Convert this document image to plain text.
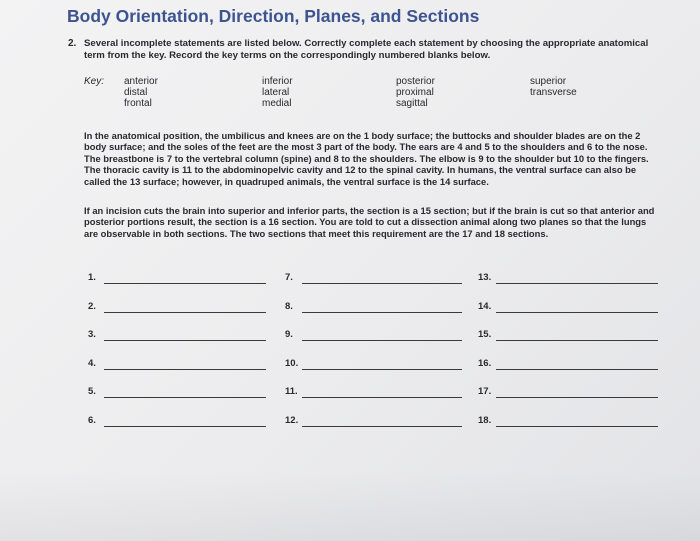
Body Orientation, Direction, Planes, and Sections
2. Several incomplete statements are listed below. Correctly complete each statement by choosing the appropriate anatomical term from the key. Record the key terms on the correspondingly numbered blanks below.
Key: anterior
distal
frontal
inferior
lateral
medial
posterior
proximal
sagittal
superior
transverse
In the anatomical position, the umbilicus and knees are on the 1 body surface; the buttocks and shoulder blades are on the 2 body surface; and the soles of the feet are the most 3 part of the body. The ears are 4 and 5 to the shoulders and 6 to the nose. The breastbone is 7 to the vertebral column (spine) and 8 to the shoulders. The elbow is 9 to the shoulder but 10 to the fingers. The thoracic cavity is 11 to the abdominopelvic cavity and 12 to the spinal cavity. In humans, the ventral surface can also be called the 13 surface; however, in quadruped animals, the ventral surface is the 14 surface.
If an incision cuts the brain into superior and inferior parts, the section is a 15 section; but if the brain is cut so that anterior and posterior portions result, the section is a 16 section. You are told to cut a dissection animal along two planes so that the lungs are observable in both sections. The two sections that meet this requirement are the 17 and 18 sections.
1.
2.
3.
4.
5.
6.
7.
8.
9.
10.
11.
12.
13.
14.
15.
16.
17.
18.
